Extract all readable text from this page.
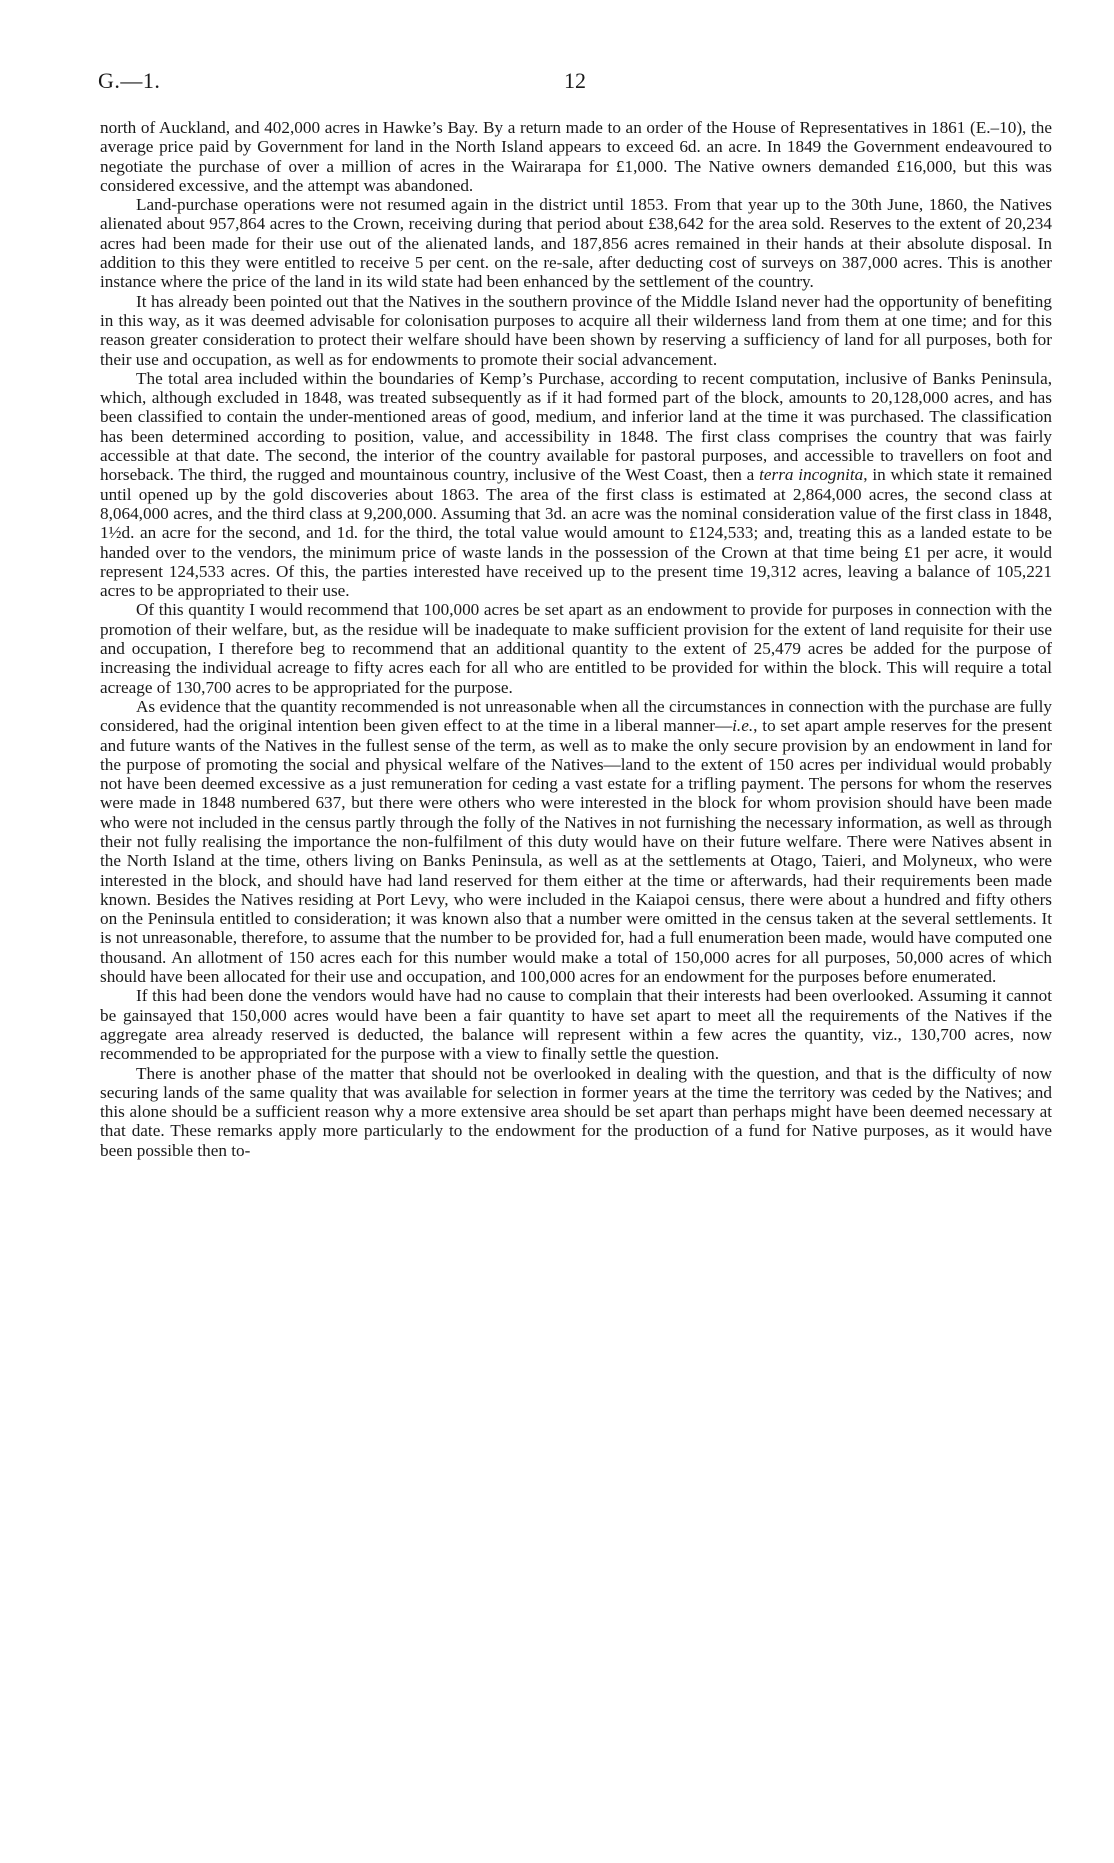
G.—1.	12

north of Auckland, and 402,000 acres in Hawke’s Bay. By a return made to an order of the House of Representatives in 1861 (E.–10), the average price paid by Government for land in the North Island appears to exceed 6d. an acre. In 1849 the Government endeavoured to negotiate the purchase of over a million of acres in the Wairarapa for £1,000. The Native owners demanded £16,000, but this was considered excessive, and the attempt was abandoned.

Land-purchase operations were not resumed again in the district until 1853. From that year up to the 30th June, 1860, the Natives alienated about 957,864 acres to the Crown, receiving during that period about £38,642 for the area sold. Reserves to the extent of 20,234 acres had been made for their use out of the alienated lands, and 187,856 acres remained in their hands at their absolute disposal. In addition to this they were entitled to receive 5 per cent. on the re-sale, after deducting cost of surveys on 387,000 acres. This is another instance where the price of the land in its wild state had been enhanced by the settlement of the country.

It has already been pointed out that the Natives in the southern province of the Middle Island never had the opportunity of benefiting in this way, as it was deemed advisable for colonisation purposes to acquire all their wilderness land from them at one time; and for this reason greater consideration to protect their welfare should have been shown by reserving a sufficiency of land for all purposes, both for their use and occupation, as well as for endowments to promote their social advancement.

The total area included within the boundaries of Kemp’s Purchase, according to recent computation, inclusive of Banks Peninsula, which, although excluded in 1848, was treated subsequently as if it had formed part of the block, amounts to 20,128,000 acres, and has been classified to contain the under-mentioned areas of good, medium, and inferior land at the time it was purchased. The classification has been determined according to position, value, and accessibility in 1848. The first class comprises the country that was fairly accessible at that date. The second, the interior of the country available for pastoral purposes, and accessible to travellers on foot and horseback. The third, the rugged and mountainous country, inclusive of the West Coast, then a terra incognita, in which state it remained until opened up by the gold discoveries about 1863. The area of the first class is estimated at 2,864,000 acres, the second class at 8,064,000 acres, and the third class at 9,200,000. Assuming that 3d. an acre was the nominal consideration value of the first class in 1848, 1½d. an acre for the second, and 1d. for the third, the total value would amount to £124,533; and, treating this as a landed estate to be handed over to the vendors, the minimum price of waste lands in the possession of the Crown at that time being £1 per acre, it would represent 124,533 acres. Of this, the parties interested have received up to the present time 19,312 acres, leaving a balance of 105,221 acres to be appropriated to their use.

Of this quantity I would recommend that 100,000 acres be set apart as an endowment to provide for purposes in connection with the promotion of their welfare, but, as the residue will be inadequate to make sufficient provision for the extent of land requisite for their use and occupation, I therefore beg to recommend that an additional quantity to the extent of 25,479 acres be added for the purpose of increasing the individual acreage to fifty acres each for all who are entitled to be provided for within the block. This will require a total acreage of 130,700 acres to be appropriated for the purpose.

As evidence that the quantity recommended is not unreasonable when all the circumstances in connection with the purchase are fully considered, had the original intention been given effect to at the time in a liberal manner—i.e., to set apart ample reserves for the present and future wants of the Natives in the fullest sense of the term, as well as to make the only secure provision by an endowment in land for the purpose of promoting the social and physical welfare of the Natives—land to the extent of 150 acres per individual would probably not have been deemed excessive as a just remuneration for ceding a vast estate for a trifling payment. The persons for whom the reserves were made in 1848 numbered 637, but there were others who were interested in the block for whom provision should have been made who were not included in the census partly through the folly of the Natives in not furnishing the necessary information, as well as through their not fully realising the importance the non-fulfilment of this duty would have on their future welfare. There were Natives absent in the North Island at the time, others living on Banks Peninsula, as well as at the settlements at Otago, Taieri, and Molyneux, who were interested in the block, and should have had land reserved for them either at the time or afterwards, had their requirements been made known. Besides the Natives residing at Port Levy, who were included in the Kaiapoi census, there were about a hundred and fifty others on the Peninsula entitled to consideration; it was known also that a number were omitted in the census taken at the several settlements. It is not unreasonable, therefore, to assume that the number to be provided for, had a full enumeration been made, would have computed one thousand. An allotment of 150 acres each for this number would make a total of 150,000 acres for all purposes, 50,000 acres of which should have been allocated for their use and occupation, and 100,000 acres for an endowment for the purposes before enumerated.

If this had been done the vendors would have had no cause to complain that their interests had been overlooked. Assuming it cannot be gainsayed that 150,000 acres would have been a fair quantity to have set apart to meet all the requirements of the Natives if the aggregate area already reserved is deducted, the balance will represent within a few acres the quantity, viz., 130,700 acres, now recommended to be appropriated for the purpose with a view to finally settle the question.

There is another phase of the matter that should not be overlooked in dealing with the question, and that is the difficulty of now securing lands of the same quality that was available for selection in former years at the time the territory was ceded by the Natives; and this alone should be a sufficient reason why a more extensive area should be set apart than perhaps might have been deemed necessary at that date. These remarks apply more particularly to the endowment for the production of a fund for Native purposes, as it would have been possible then to-
